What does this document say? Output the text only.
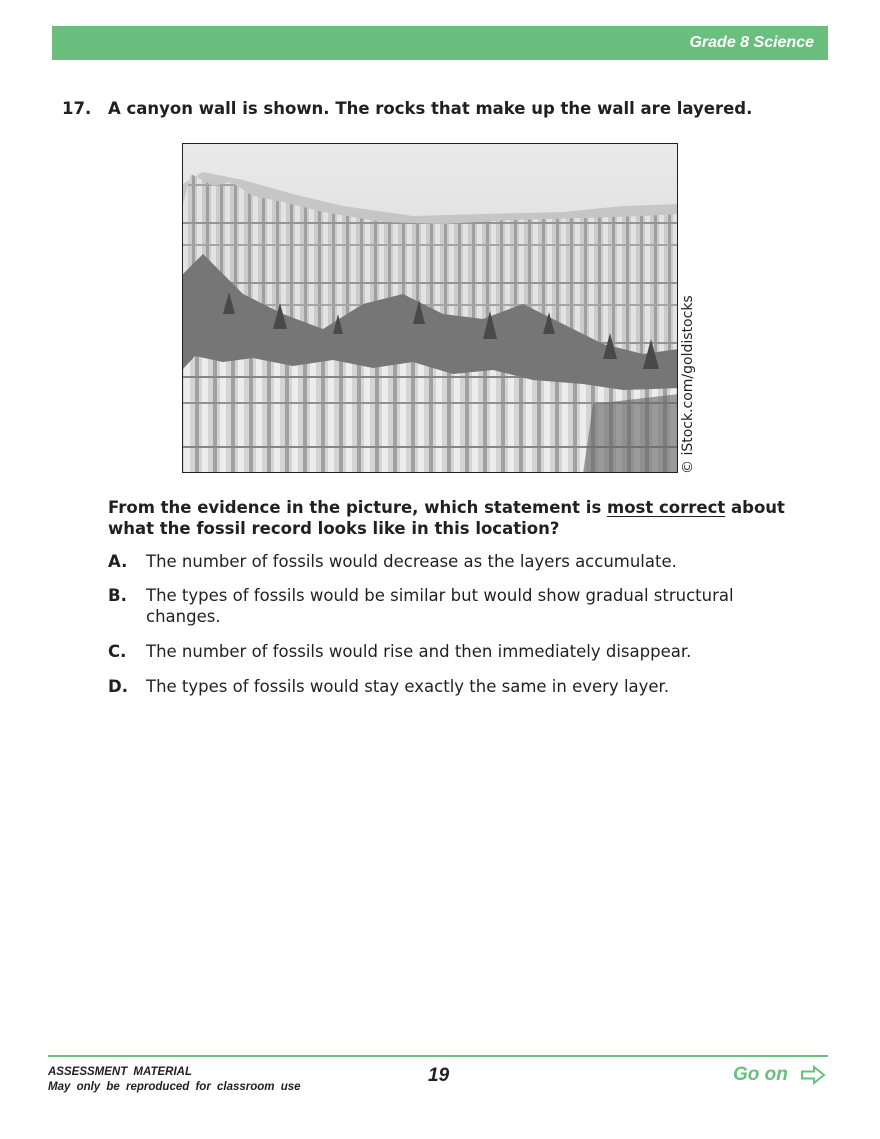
Grade 8 Science
17. A canyon wall is shown. The rocks that make up the wall are layered.
© iStock.com/goldistocks
From the evidence in the picture, which statement is most correct about what the fossil record looks like in this location?
A. The number of fossils would decrease as the layers accumulate.
B. The types of fossils would be similar but would show gradual structural changes.
C. The number of fossils would rise and then immediately disappear.
D. The types of fossils would stay exactly the same in every layer.
ASSESSMENT MATERIAL
May only be reproduced for classroom use
19	Go on
